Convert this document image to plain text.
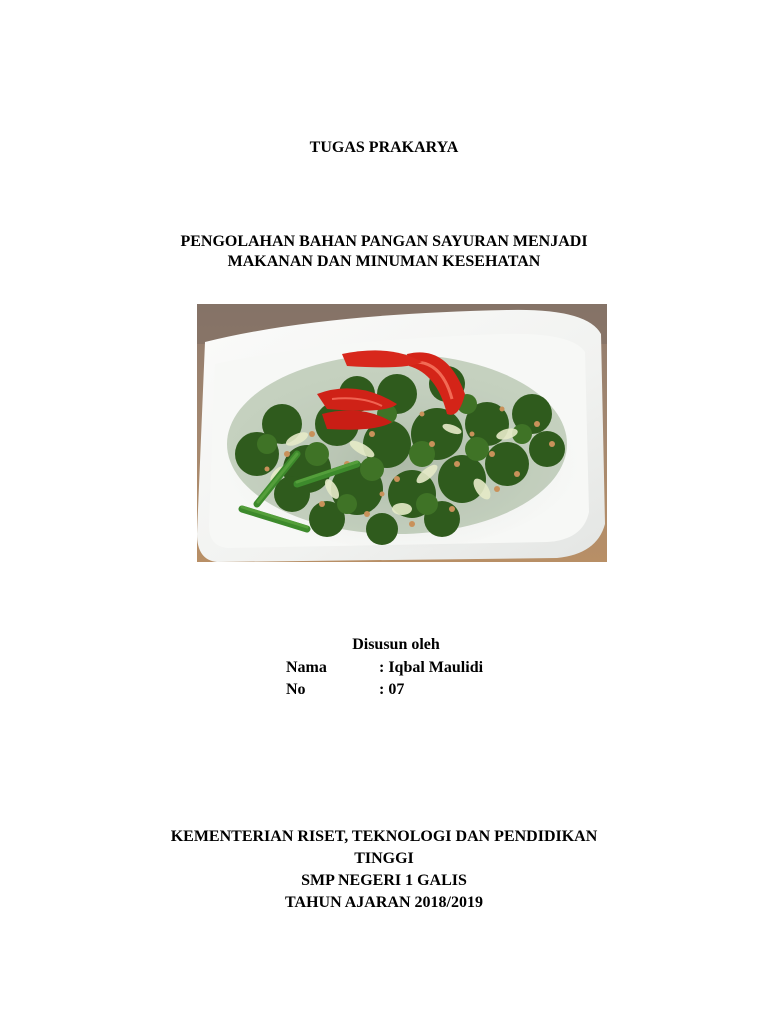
TUGAS PRAKARYA
PENGOLAHAN BAHAN PANGAN SAYURAN MENJADI
MAKANAN DAN MINUMAN KESEHATAN
Disusun oleh
Nama	: Iqbal Maulidi
No	: 07
KEMENTERIAN RISET, TEKNOLOGI DAN PENDIDIKAN
TINGGI
SMP NEGERI 1 GALIS
TAHUN AJARAN 2018/2019
